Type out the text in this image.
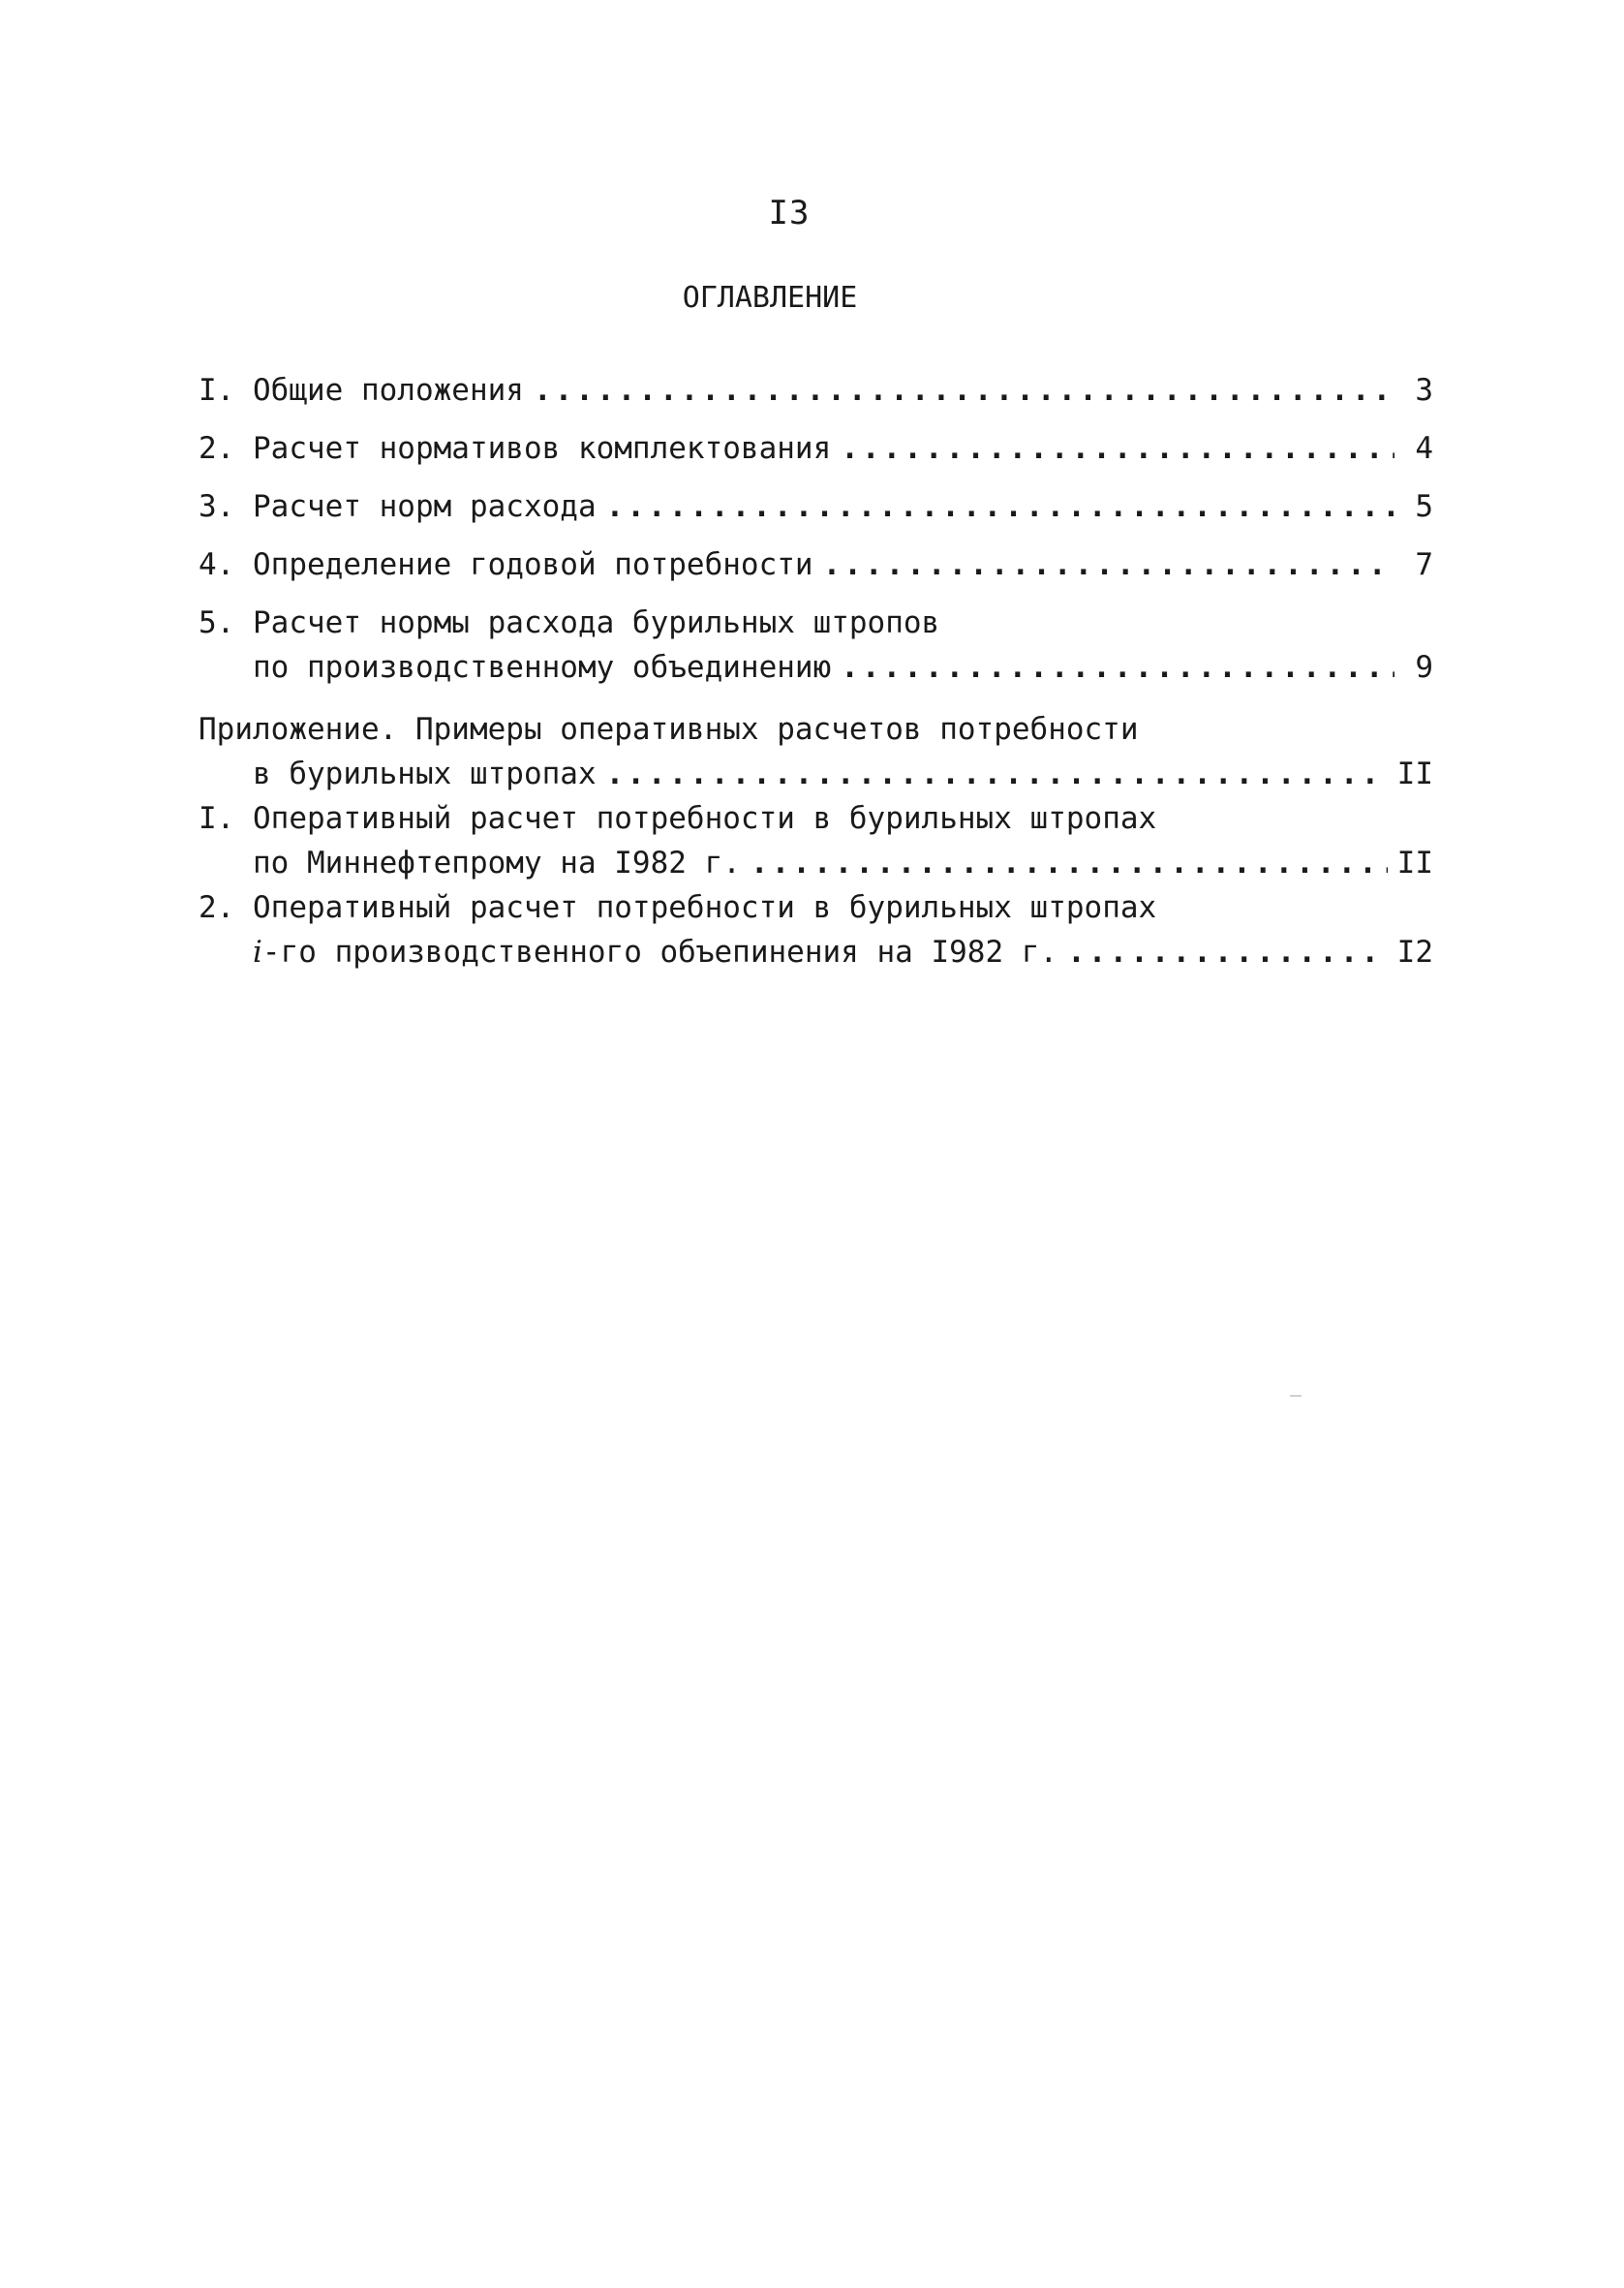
I3
ОГЛАВЛЕНИЕ
I. Общие положения .....	3
2. Расчет нормативов комплектования .....	4
3. Расчет норм расхода .....	5
4. Определение годовой потребности .....	7
5. Расчет нормы расхода бурильных штропов
по производственному объединению .....	9
Приложение. Примеры оперативных расчетов потребности
в бурильных штропах .....	II
I. Оперативный расчет потребности в бурильных штропах
по Миннефтепрому на I982 г. .....	II
2. Оперативный расчет потребности в бурильных штропах
i-го производственного объепинения на I982 г. .....	I2
